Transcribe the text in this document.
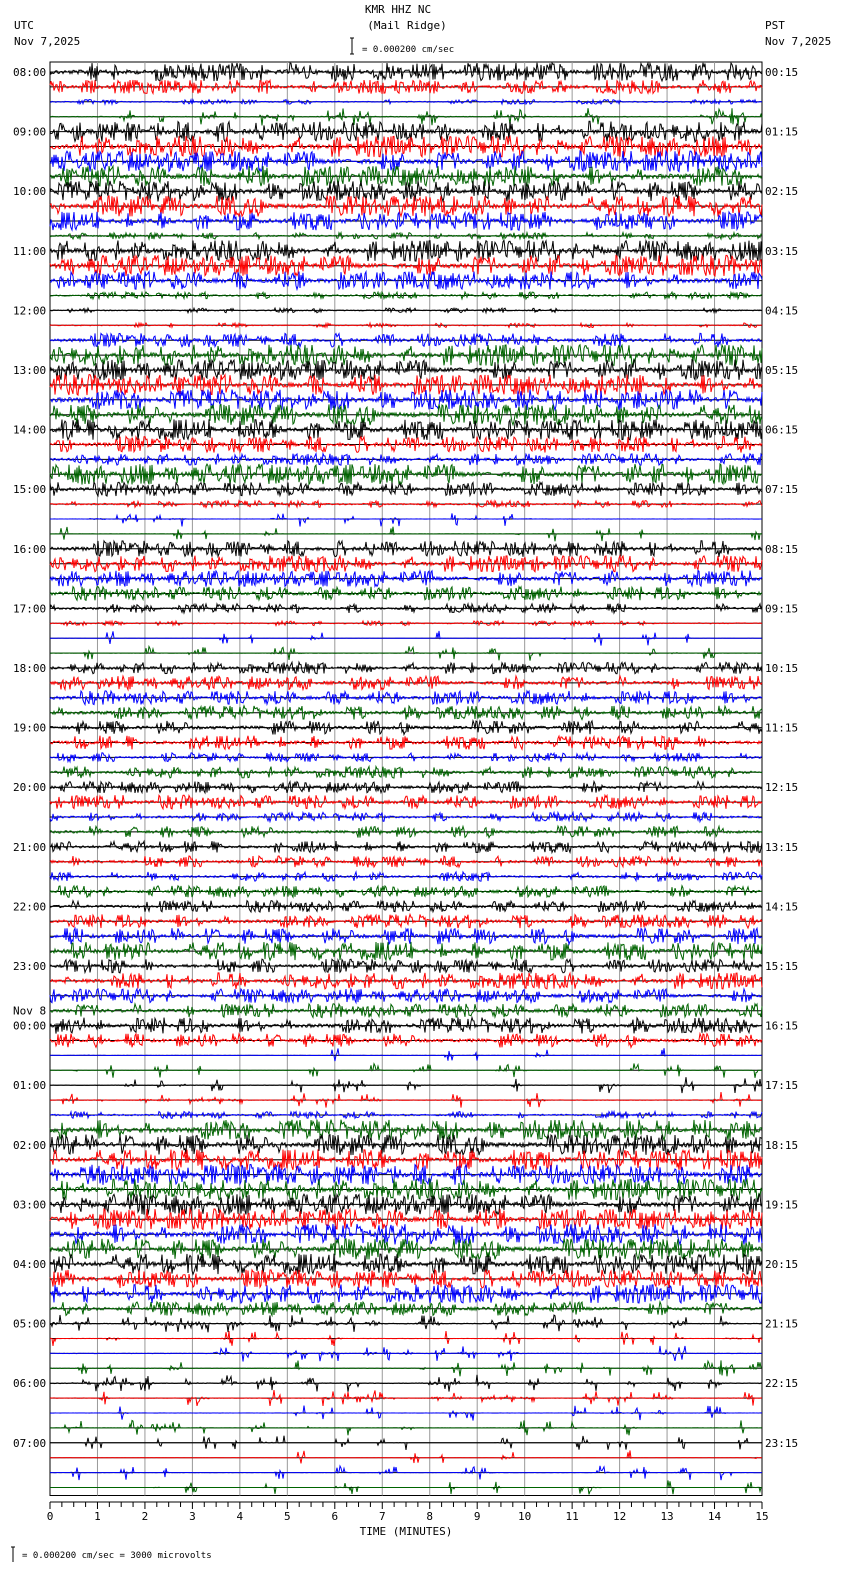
KMR HHZ NC
(Mail Ridge)
UTC
Nov 7,2025
PST
Nov 7,2025
= 0.000200 cm/sec
08:00
09:00
10:00
11:00
12:00
13:00
14:00
15:00
16:00
17:00
18:00
19:00
20:00
21:00
22:00
23:00
00:00
01:00
02:00
03:00
04:00
05:00
06:00
07:00
00:15
01:15
02:15
03:15
04:15
05:15
06:15
07:15
08:15
09:15
10:15
11:15
12:15
13:15
14:15
15:15
16:15
17:15
18:15
19:15
20:15
21:15
22:15
23:15
Nov 8
0	1	2	3	4	5	6	7	8	9	10	11	12	13	14	15
TIME (MINUTES)
= 0.000200 cm/sec = 3000 microvolts
